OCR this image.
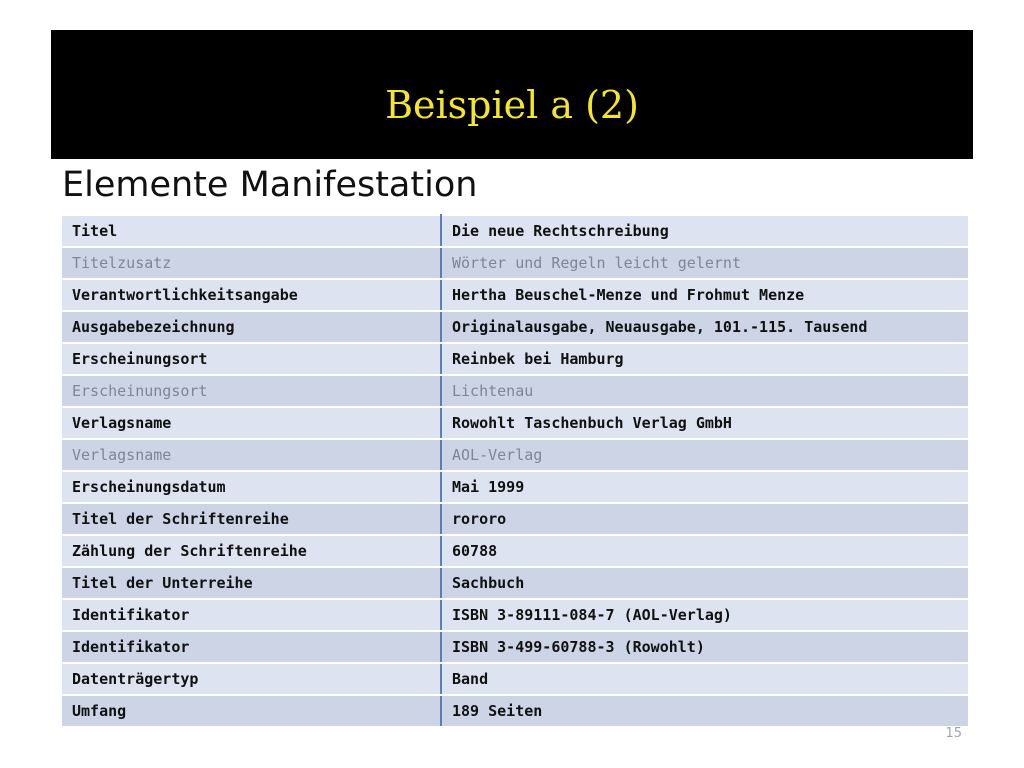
Beispiel a (2)
Elemente Manifestation
Titel	Die neue Rechtschreibung
Titelzusatz	Wörter und Regeln leicht gelernt
Verantwortlichkeitsangabe	Hertha Beuschel-Menze und Frohmut Menze
Ausgabebezeichnung	Originalausgabe, Neuausgabe, 101.-115. Tausend
Erscheinungsort	Reinbek bei Hamburg
Erscheinungsort	Lichtenau
Verlagsname	Rowohlt Taschenbuch Verlag GmbH
Verlagsname	AOL-Verlag
Erscheinungsdatum	Mai 1999
Titel der Schriftenreihe	rororo
Zählung der Schriftenreihe	60788
Titel der Unterreihe	Sachbuch
Identifikator	ISBN 3-89111-084-7 (AOL-Verlag)
Identifikator	ISBN 3-499-60788-3 (Rowohlt)
Datenträgertyp	Band
Umfang	189 Seiten
15
